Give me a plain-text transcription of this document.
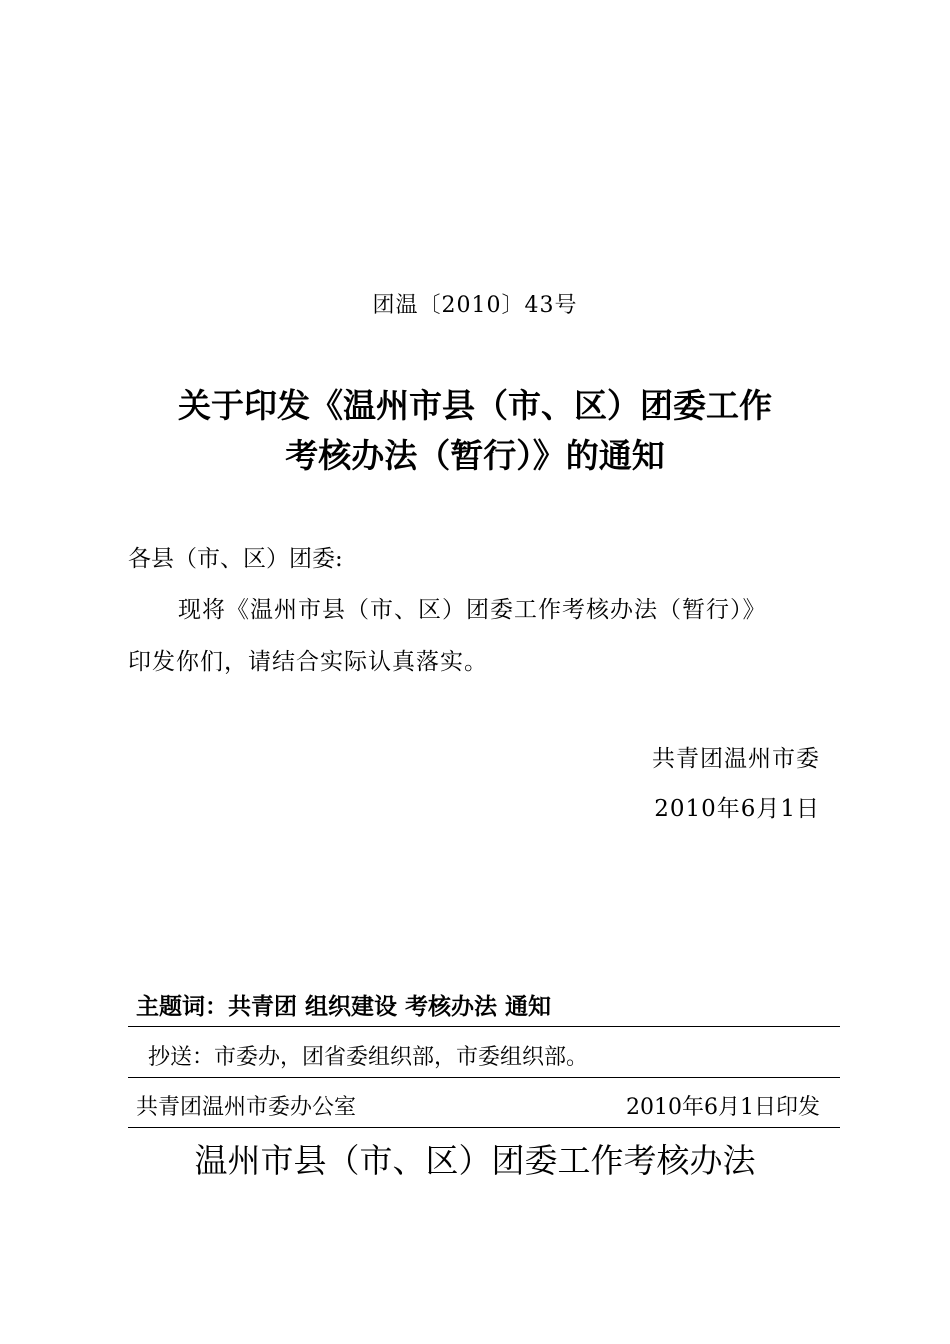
团温〔2010〕43号
关于印发《温州市县（市、区）团委工作
考核办法（暂行）》的通知
各县（市、区）团委:
现将《温州市县（市、区）团委工作考核办法（暂行）》
印发你们，请结合实际认真落实。
共青团温州市委
2010年6月1日
主题词：共青团 组织建设 考核办法 通知
抄送：市委办，团省委组织部，市委组织部。
共青团温州市委办公室	2010年6月1日印发
温州市县（市、区）团委工作考核办法
